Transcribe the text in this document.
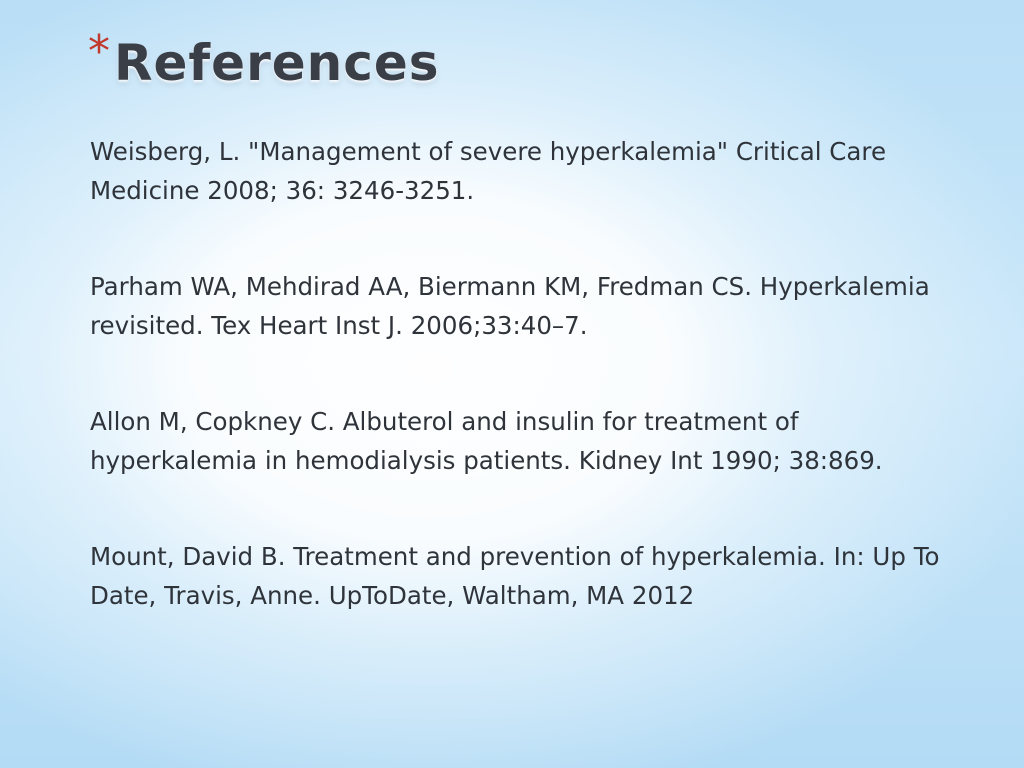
* References

Weisberg, L. "Management of severe hyperkalemia" Critical Care Medicine 2008; 36: 3246-3251.

Parham WA, Mehdirad AA, Biermann KM, Fredman CS. Hyperkalemia revisited. Tex Heart Inst J. 2006;33:40–7.

Allon M, Copkney C. Albuterol and insulin for treatment of hyperkalemia in hemodialysis patients. Kidney Int 1990; 38:869.

Mount, David B. Treatment and prevention of hyperkalemia. In: Up To Date, Travis, Anne. UpToDate, Waltham, MA 2012
